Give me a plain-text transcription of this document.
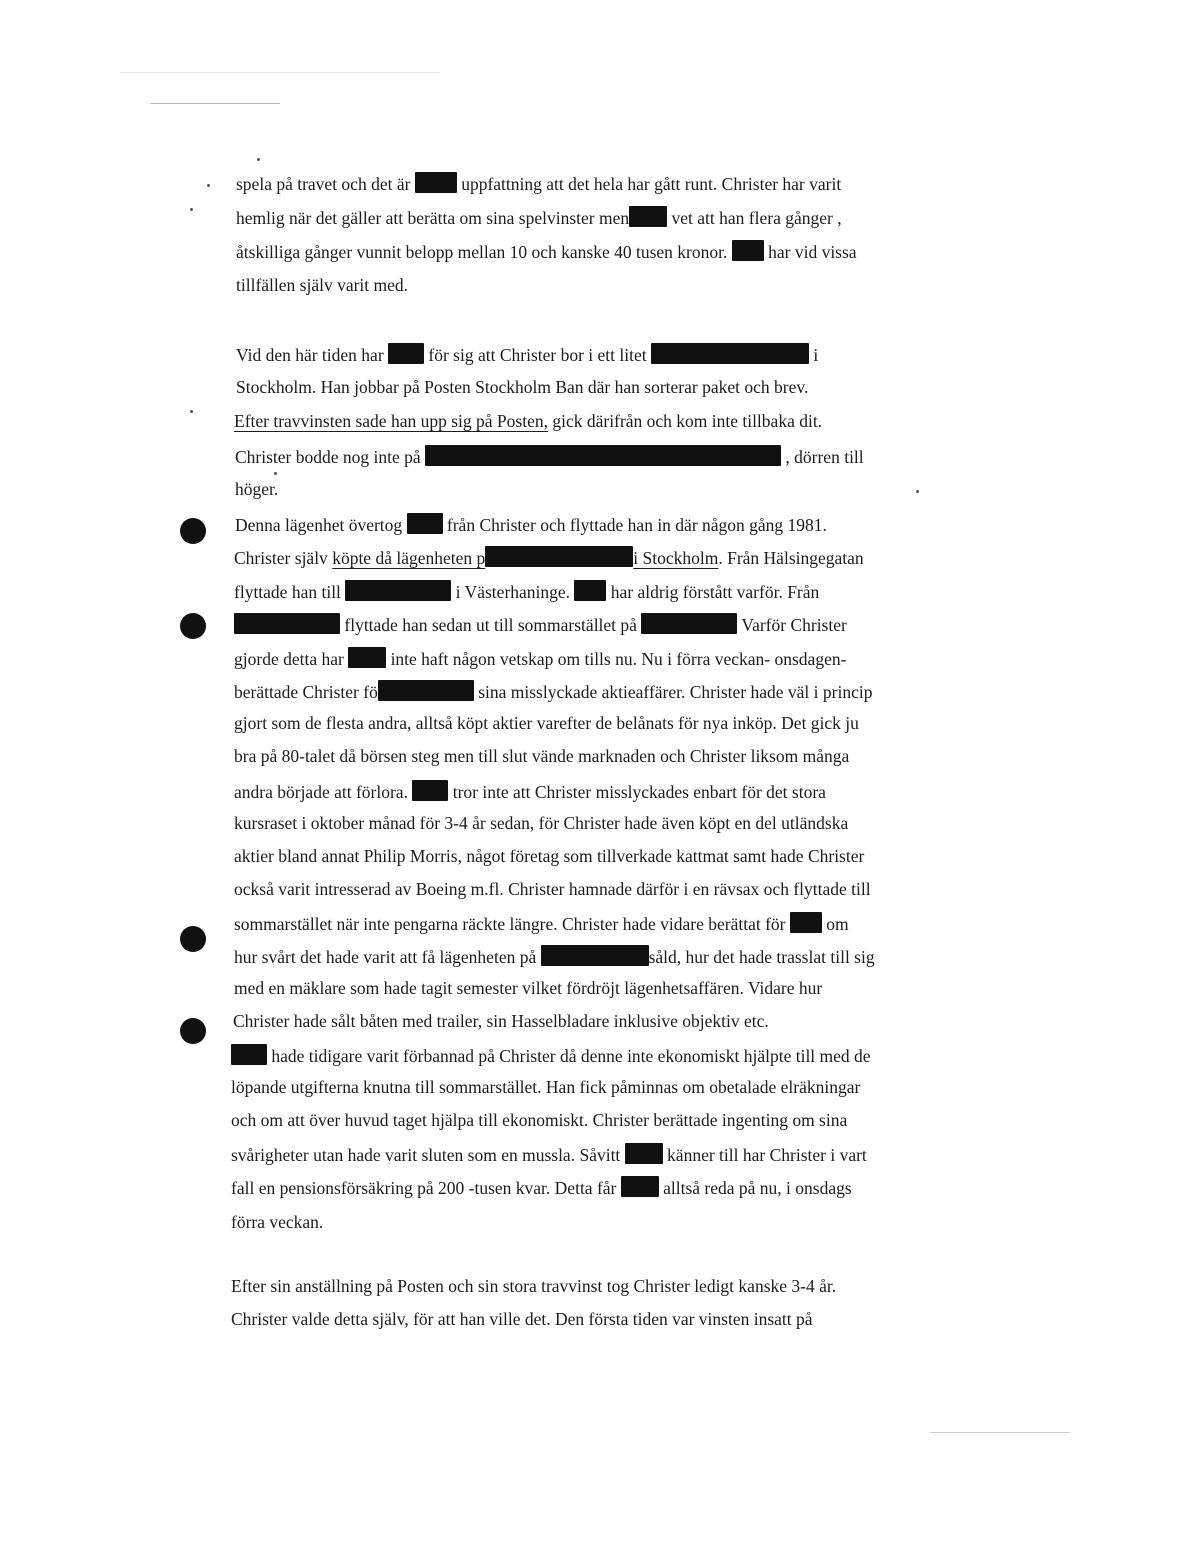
spela på travet och det är  uppfattning att det hela har gått runt. Christer har varit
hemlig när det gäller att berätta om sina spelvinster men vet att han flera gånger ,
åtskilliga gånger vunnit belopp mellan 10 och kanske 40 tusen kronor.  har vid vissa
tillfällen själv varit med.
Vid den här tiden har  för sig att Christer bor i ett litet	i
Stockholm. Han jobbar på Posten Stockholm Ban där han sorterar paket och brev.
Efter travvinsten sade han upp sig på Posten, gick därifrån och kom inte tillbaka dit.
Christer bodde nog inte på	, dörren till
höger.
Denna lägenhet övertog  från Christer och flyttade han in där någon gång 1981.
Christer själv köpte då lägenheten p	i Stockholm. Från Hälsingegatan
flyttade han till	i Västerhaninge.  har aldrig förstått varför. Från
flyttade han sedan ut till sommarstället på	Varför Christer
gjorde detta har  inte haft någon vetskap om tills nu. Nu i förra veckan- onsdagen-
berättade Christer fö	sina misslyckade aktieaffärer. Christer hade väl i princip
gjort som de flesta andra, alltså köpt aktier varefter de belånats för nya inköp. Det gick ju
bra på 80-talet då börsen steg men till slut vände marknaden och Christer liksom många
andra började att förlora.  tror inte att Christer misslyckades enbart för det stora
kursraset i oktober månad för 3-4 år sedan, för Christer hade även köpt en del utländska
aktier bland annat Philip Morris, något företag som tillverkade kattmat samt hade Christer
också varit intresserad av Boeing m.fl. Christer hamnade därför i en rävsax och flyttade till
sommarstället när inte pengarna räckte längre. Christer hade vidare berättat för  om
hur svårt det hade varit att få lägenheten på	såld, hur det hade trasslat till sig
med en mäklare som hade tagit semester vilket fördröjt lägenhetsaffären. Vidare hur
Christer hade sålt båten med trailer, sin Hasselbladare inklusive objektiv etc.
hade tidigare varit förbannad på Christer då denne inte ekonomiskt hjälpte till med de
löpande utgifterna knutna till sommarstället. Han fick påminnas om obetalade elräkningar
och om att över huvud taget hjälpa till ekonomiskt. Christer berättade ingenting om sina
svårigheter utan hade varit sluten som en mussla. Såvitt  känner till har Christer i vart
fall en pensionsförsäkring på 200 -tusen kvar. Detta får  alltså reda på nu, i onsdags
förra veckan.
Efter sin anställning på Posten och sin stora travvinst tog Christer ledigt kanske 3-4 år.
Christer valde detta själv, för att han ville det. Den första tiden var vinsten insatt på
